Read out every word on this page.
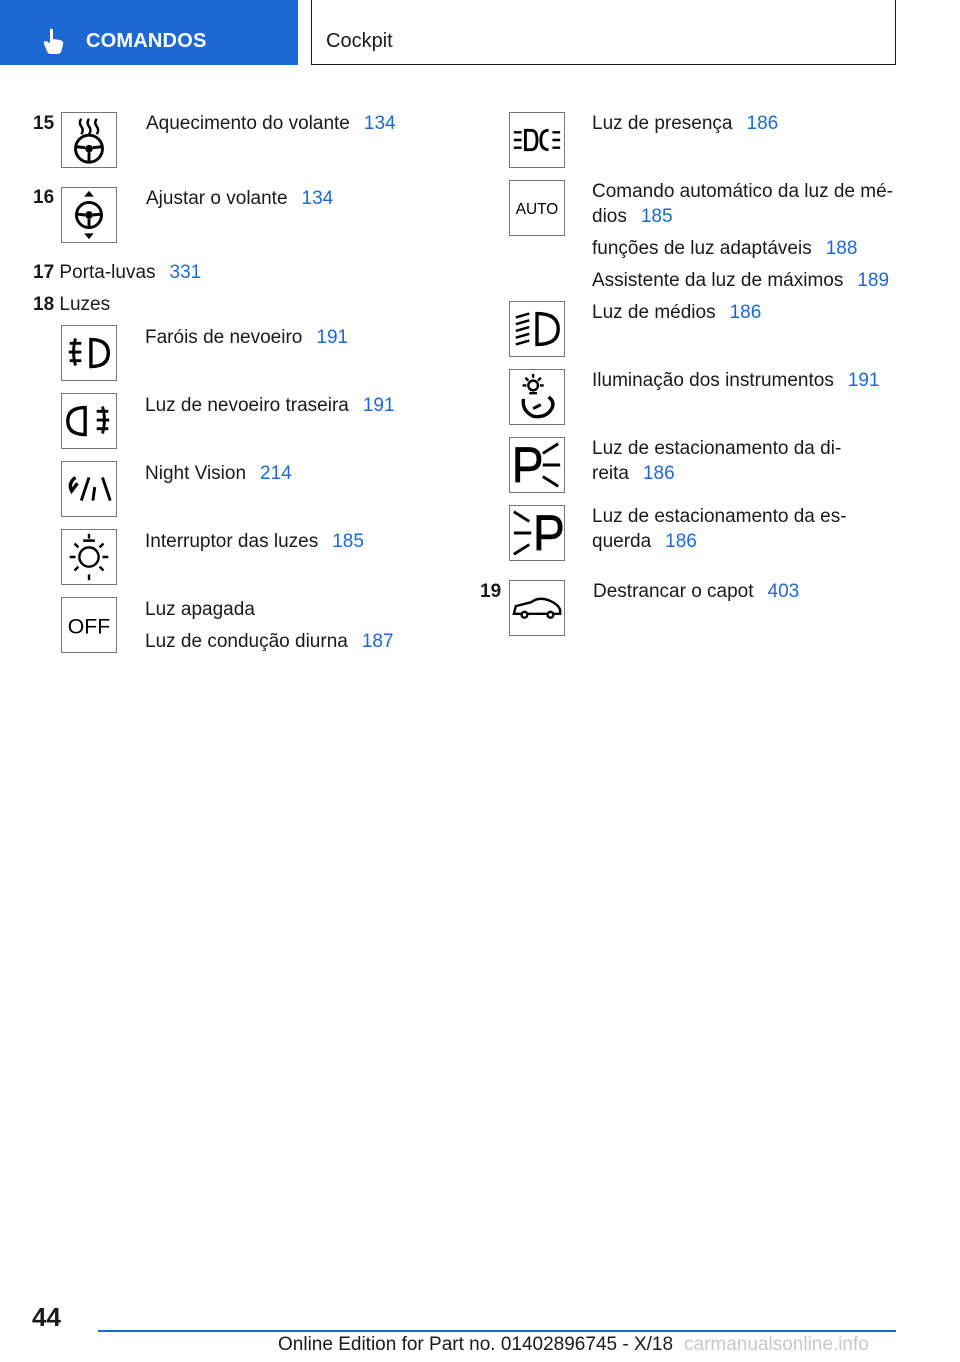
COMANDOS	Cockpit
15	Aquecimento do volante 134
16	Ajustar o volante 134
17 Porta-luvas 331
18 Luzes
Faróis de nevoeiro 191
Luz de nevoeiro traseira 191
Night Vision 214
Interruptor das luzes 185
OFF
Luz apagada
Luz de condução diurna 187
Luz de presença 186
AUTO
Comando automático da luz de mé-
dios 185
funções de luz adaptáveis 188
Assistente da luz de máximos 189
Luz de médios 186
Iluminação dos instrumentos 191
Luz de estacionamento da di-
reita 186
Luz de estacionamento da es-
querda 186
19	Destrancar o capot 403
44
Online Edition for Part no. 01402896745 - X/18 carmanualsonline.info
